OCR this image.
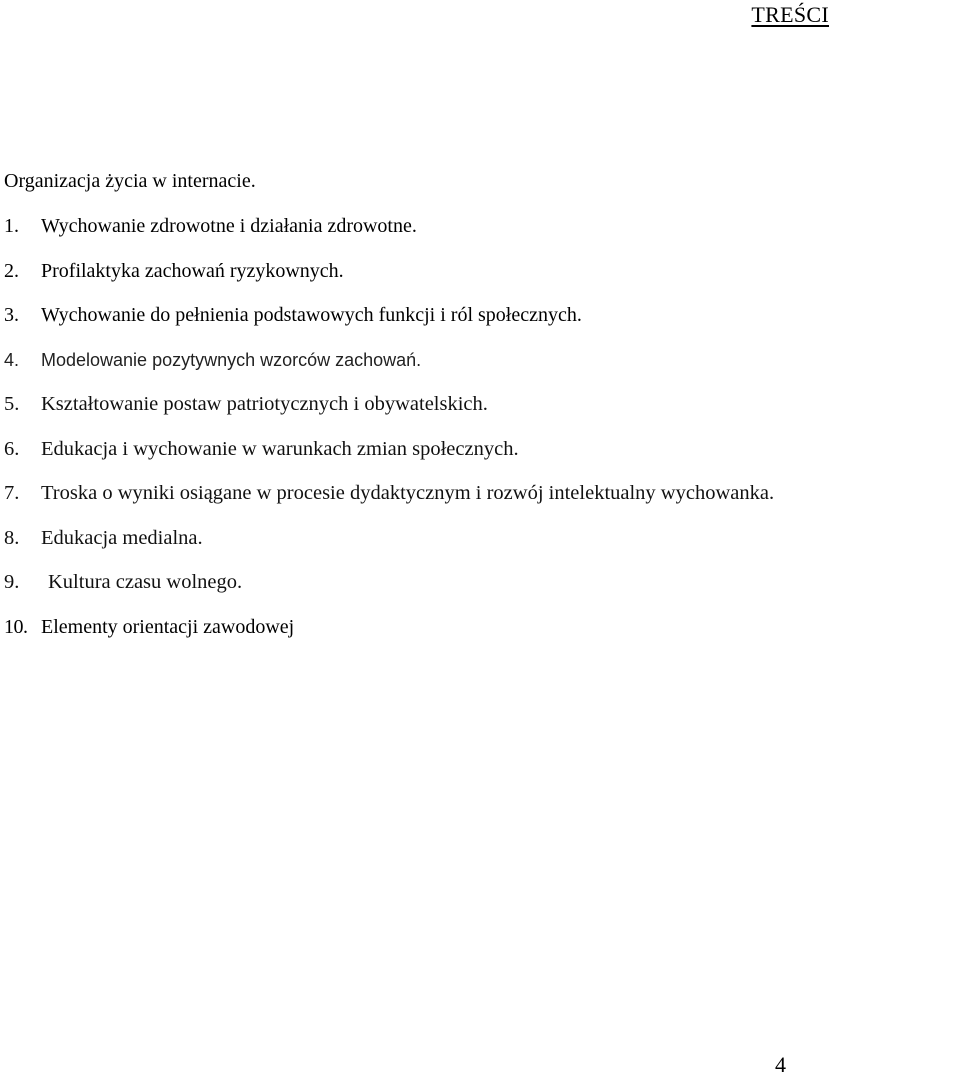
TREŚCI
Organizacja życia w internacie.
1. Wychowanie zdrowotne i działania zdrowotne.
2. Profilaktyka zachowań ryzykownych.
3. Wychowanie do pełnienia podstawowych funkcji i ról społecznych.
4. Modelowanie pozytywnych wzorców zachowań.
5. Kształtowanie postaw patriotycznych i obywatelskich.
6. Edukacja i wychowanie w warunkach zmian społecznych.
7. Troska o wyniki osiągane w procesie dydaktycznym i rozwój intelektualny wychowanka.
8. Edukacja medialna.
9. Kultura czasu wolnego.
10. Elementy orientacji zawodowej
4
